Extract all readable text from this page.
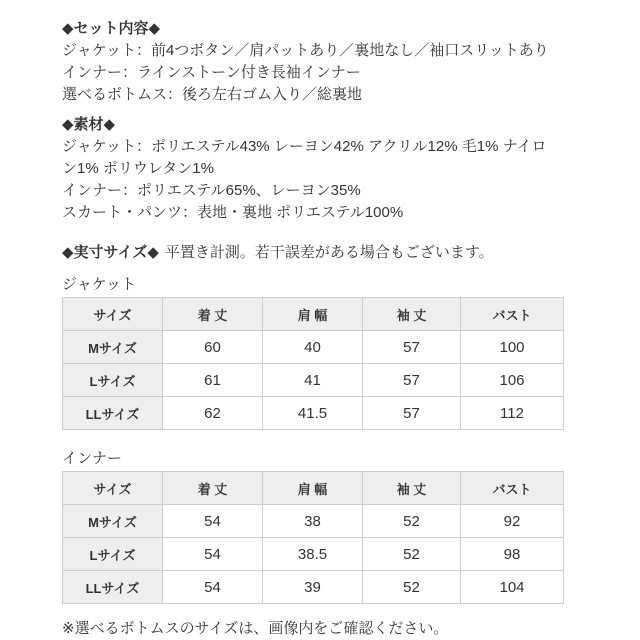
◆セット内容◆
ジャケット：前4つボタン／肩パットあり／裏地なし／袖口スリットあり
インナー：ラインストーン付き長袖インナー
選べるボトムス：後ろ左右ゴム入り／総裏地
◆素材◆
ジャケット：ポリエステル43% レーヨン42% アクリル12% 毛1% ナイロン1% ポリウレタン1%
インナー：ポリエステル65%、レーヨン35%
スカート・パンツ：表地・裏地 ポリエステル100%
◆実寸サイズ◆ 平置き計測。若干誤差がある場合もございます。
ジャケット
サイズ	着 丈	肩 幅	袖 丈	バスト
Mサイズ	60	40	57	100
Lサイズ	61	41	57	106
LLサイズ	62	41.5	57	112
インナー
サイズ	着 丈	肩 幅	袖 丈	バスト
Mサイズ	54	38	52	92
Lサイズ	54	38.5	52	98
LLサイズ	54	39	52	104
※選べるボトムスのサイズは、画像内をご確認ください。
